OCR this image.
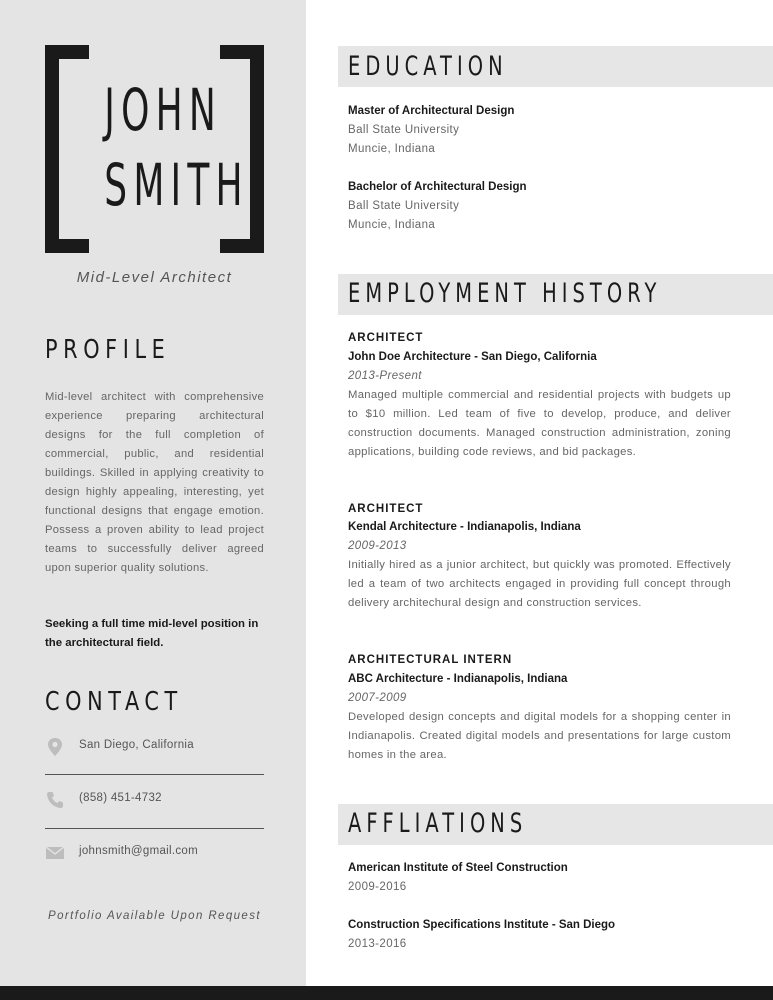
JOHN
SMITH
Mid-Level Architect
PROFILE
Mid-level architect with comprehensive experience preparing architectural designs for the full completion of commercial, public, and residential buildings. Skilled in applying creativity to design highly appealing, interesting, yet functional designs that engage emotion. Possess a proven ability to lead project teams to successfully deliver agreed upon superior quality solutions.
Seeking a full time mid-level position in the architectural field.
CONTACT
San Diego, California
(858) 451-4732
johnsmith@gmail.com
Portfolio Available Upon Request
EDUCATION
Master of Architectural Design
Ball State University
Muncie, Indiana
Bachelor of Architectural Design
Ball State University
Muncie, Indiana
EMPLOYMENT HISTORY
ARCHITECT
John Doe Architecture - San Diego, California
2013-Present
Managed multiple commercial and residential projects with budgets up to $10 million. Led team of five to develop, produce, and deliver construction documents. Managed construction administration, zoning applications, building code reviews, and bid packages.
ARCHITECT
Kendal Architecture - Indianapolis, Indiana
2009-2013
Initially hired as a junior architect, but quickly was promoted. Effectively led a team of two architects engaged in providing full concept through delivery architechural design and construction services.
ARCHITECTURAL INTERN
ABC Architecture - Indianapolis, Indiana
2007-2009
Developed design concepts and digital models for a shopping center in Indianapolis. Created digital models and presentations for large custom homes in the area.
AFFLIATIONS
American Institute of Steel Construction
2009-2016
Construction Specifications Institute - San Diego
2013-2016
